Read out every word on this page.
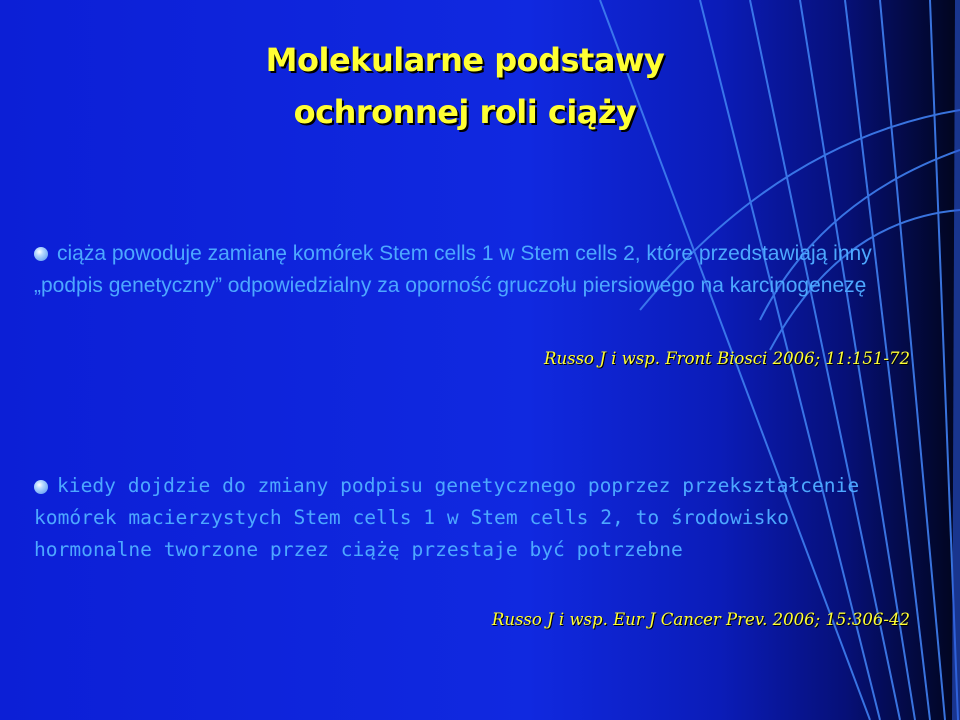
Molekularne podstawy
ochronnej roli ciąży
ciąża powoduje zamianę komórek Stem cells 1 w Stem cells 2, które przedstawiają inny „podpis genetyczny” odpowiedzialny za oporność gruczołu piersiowego na karcinogenezę
Russo J i wsp. Front Biosci 2006; 11:151-72
kiedy dojdzie do zmiany podpisu genetycznego poprzez przekształcenie komórek macierzystych Stem cells 1 w Stem cells 2, to środowisko hormonalne tworzone przez ciążę przestaje być potrzebne
Russo J i wsp. Eur J Cancer Prev. 2006; 15:306-42
